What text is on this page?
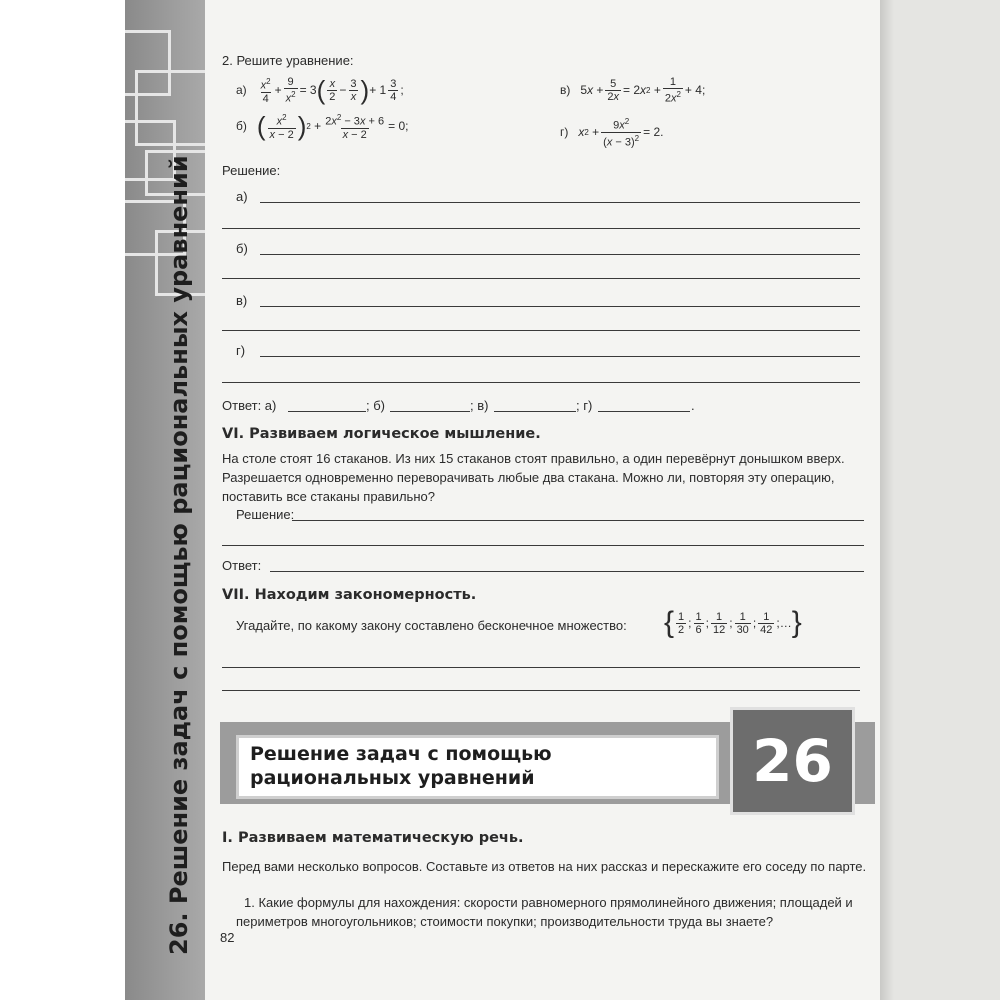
26. Решение задач с помощью рациональных уравнений
2. Решите уравнение:
$а) \frac{x^2}{4} + \frac{9}{x^2} = 3$ ( $\frac{x}{2} - \frac{3}{x}$ ) + $1 \frac{3}{4}$ ;	в) 5 $x + \frac{5}{2x} = 2$ x $2 + \frac{1}{2x^2} + 4$;
б) ( $\frac{x^2}{x - 2}$ ) $2 + \frac{2x^2 - 3x + 6}{x - 2} = 0$;	г) x $2 + \frac{9x^2}{(x - 3)^2} = 2$.
Решение:
а)
б)
в)
г)
Ответ: а)	; б)	; в)	; г)	.
VI. Развиваем логическое мышление.
На столе стоят 16 стаканов. Из них 15 стаканов стоят правильно, а один перевёрнут донышком вверх. Разрешается одновременно переворачивать любые два стакана. Можно ли, повторяя эту операцию, поставить все стаканы правильно?
Решение:
Ответ:
VII. Находим закономерность.
Угадайте, по какому закону составлено бесконечное множество: { $\frac{1}{2}$ ; $\frac{1}{6}$ ; $\frac{1}{12}$ ; $\frac{1}{30}$ ; $\frac{1}{42}$ ; … }
Решение задач с помощью
рациональных уравнений	26
I. Развиваем математическую речь.
Перед вами несколько вопросов. Составьте из ответов на них рассказ и перескажите его соседу по парте.
1. Какие формулы для нахождения: скорости равномерного прямолинейного движения; площадей и периметров многоугольников; стоимости покупки; производительности труда вы знаете?
82
